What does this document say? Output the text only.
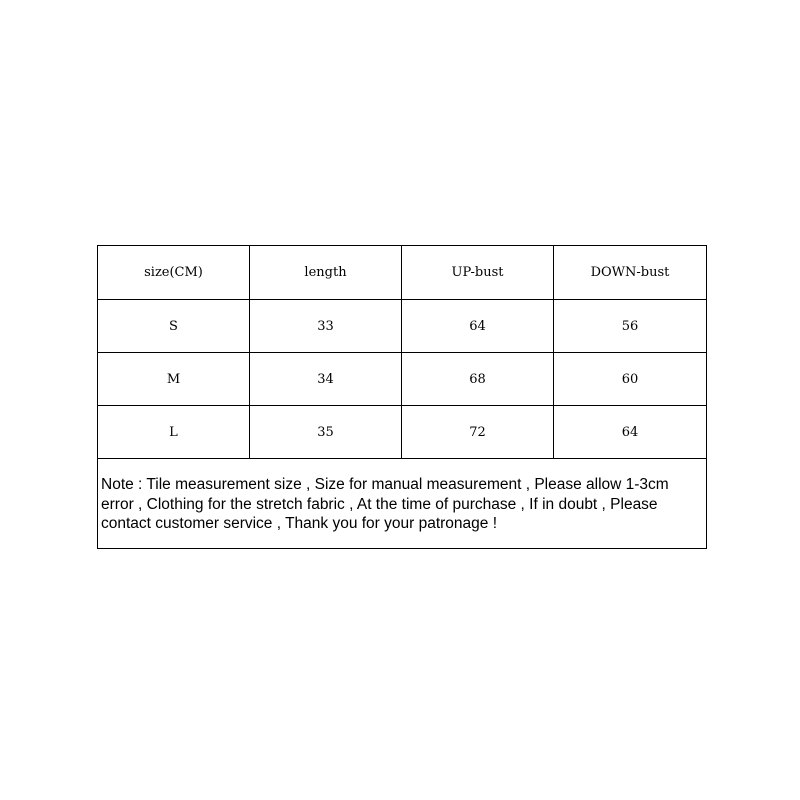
size(CM)	length	UP-bust	DOWN-bust
S	33	64	56
M	34	68	60
L	35	72	64
Note : Tile measurement size , Size for manual measurement , Please allow 1-3cm error , Clothing for the stretch fabric , At the time of purchase , If in doubt , Please contact customer service , Thank you for your patronage !			
